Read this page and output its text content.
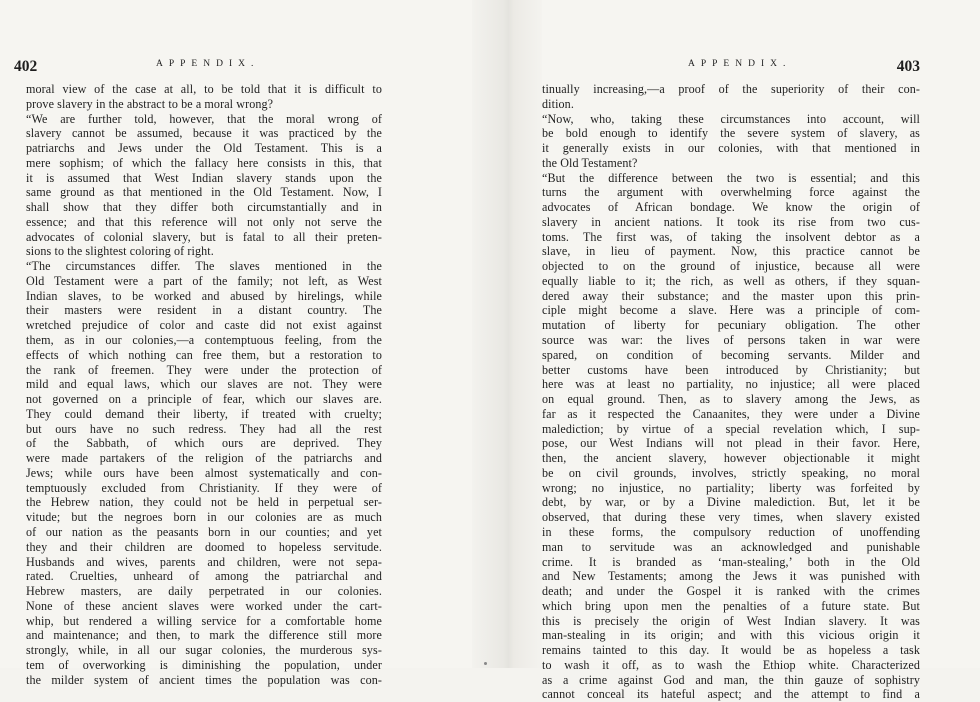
402	APPENDIX.
moral view of the case at all, to be told that it is difficult to
prove slavery in the abstract to be a moral wrong?
“We are further told, however, that the moral wrong of
slavery cannot be assumed, because it was practiced by the
patriarchs and Jews under the Old Testament. This is a
mere sophism; of which the fallacy here consists in this, that
it is assumed that West Indian slavery stands upon the
same ground as that mentioned in the Old Testament. Now, I
shall show that they differ both circumstantially and in
essence; and that this reference will not only not serve the
advocates of colonial slavery, but is fatal to all their preten-
sions to the slightest coloring of right.
“The circumstances differ. The slaves mentioned in the
Old Testament were a part of the family; not left, as West
Indian slaves, to be worked and abused by hirelings, while
their masters were resident in a distant country. The
wretched prejudice of color and caste did not exist against
them, as in our colonies,—a contemptuous feeling, from the
effects of which nothing can free them, but a restoration to
the rank of freemen. They were under the protection of
mild and equal laws, which our slaves are not. They were
not governed on a principle of fear, which our slaves are.
They could demand their liberty, if treated with cruelty;
but ours have no such redress. They had all the rest
of the Sabbath, of which ours are deprived. They
were made partakers of the religion of the patriarchs and
Jews; while ours have been almost systematically and con-
temptuously excluded from Christianity. If they were of
the Hebrew nation, they could not be held in perpetual ser-
vitude; but the negroes born in our colonies are as much
of our nation as the peasants born in our counties; and yet
they and their children are doomed to hopeless servitude.
Husbands and wives, parents and children, were not sepa-
rated. Cruelties, unheard of among the patriarchal and
Hebrew masters, are daily perpetrated in our colonies.
None of these ancient slaves were worked under the cart-
whip, but rendered a willing service for a comfortable home
and maintenance; and then, to mark the difference still more
strongly, while, in all our sugar colonies, the murderous sys-
tem of overworking is diminishing the population, under
the milder system of ancient times the population was con-
APPENDIX.	403
tinually increasing,—a proof of the superiority of their con-
dition.
“Now, who, taking these circumstances into account, will
be bold enough to identify the severe system of slavery, as
it generally exists in our colonies, with that mentioned in
the Old Testament?
“But the difference between the two is essential; and this
turns the argument with overwhelming force against the
advocates of African bondage. We know the origin of
slavery in ancient nations. It took its rise from two cus-
toms. The first was, of taking the insolvent debtor as a
slave, in lieu of payment. Now, this practice cannot be
objected to on the ground of injustice, because all were
equally liable to it; the rich, as well as others, if they squan-
dered away their substance; and the master upon this prin-
ciple might become a slave. Here was a principle of com-
mutation of liberty for pecuniary obligation. The other
source was war: the lives of persons taken in war were
spared, on condition of becoming servants. Milder and
better customs have been introduced by Christianity; but
here was at least no partiality, no injustice; all were placed
on equal ground. Then, as to slavery among the Jews, as
far as it respected the Canaanites, they were under a Divine
malediction; by virtue of a special revelation which, I sup-
pose, our West Indians will not plead in their favor. Here,
then, the ancient slavery, however objectionable it might
be on civil grounds, involves, strictly speaking, no moral
wrong; no injustice, no partiality; liberty was forfeited by
debt, by war, or by a Divine malediction. But, let it be
observed, that during these very times, when slavery existed
in these forms, the compulsory reduction of unoffending
man to servitude was an acknowledged and punishable
crime. It is branded as ‘man-stealing,’ both in the Old
and New Testaments; among the Jews it was punished with
death; and under the Gospel it is ranked with the crimes
which bring upon men the penalties of a future state. But
this is precisely the origin of West Indian slavery. It was
man-stealing in its origin; and with this vicious origin it
remains tainted to this day. It would be as hopeless a task
to wash it off, as to wash the Ethiop white. Characterized
as a crime against God and man, the thin gauze of sophistry
cannot conceal its hateful aspect; and the attempt to find a
